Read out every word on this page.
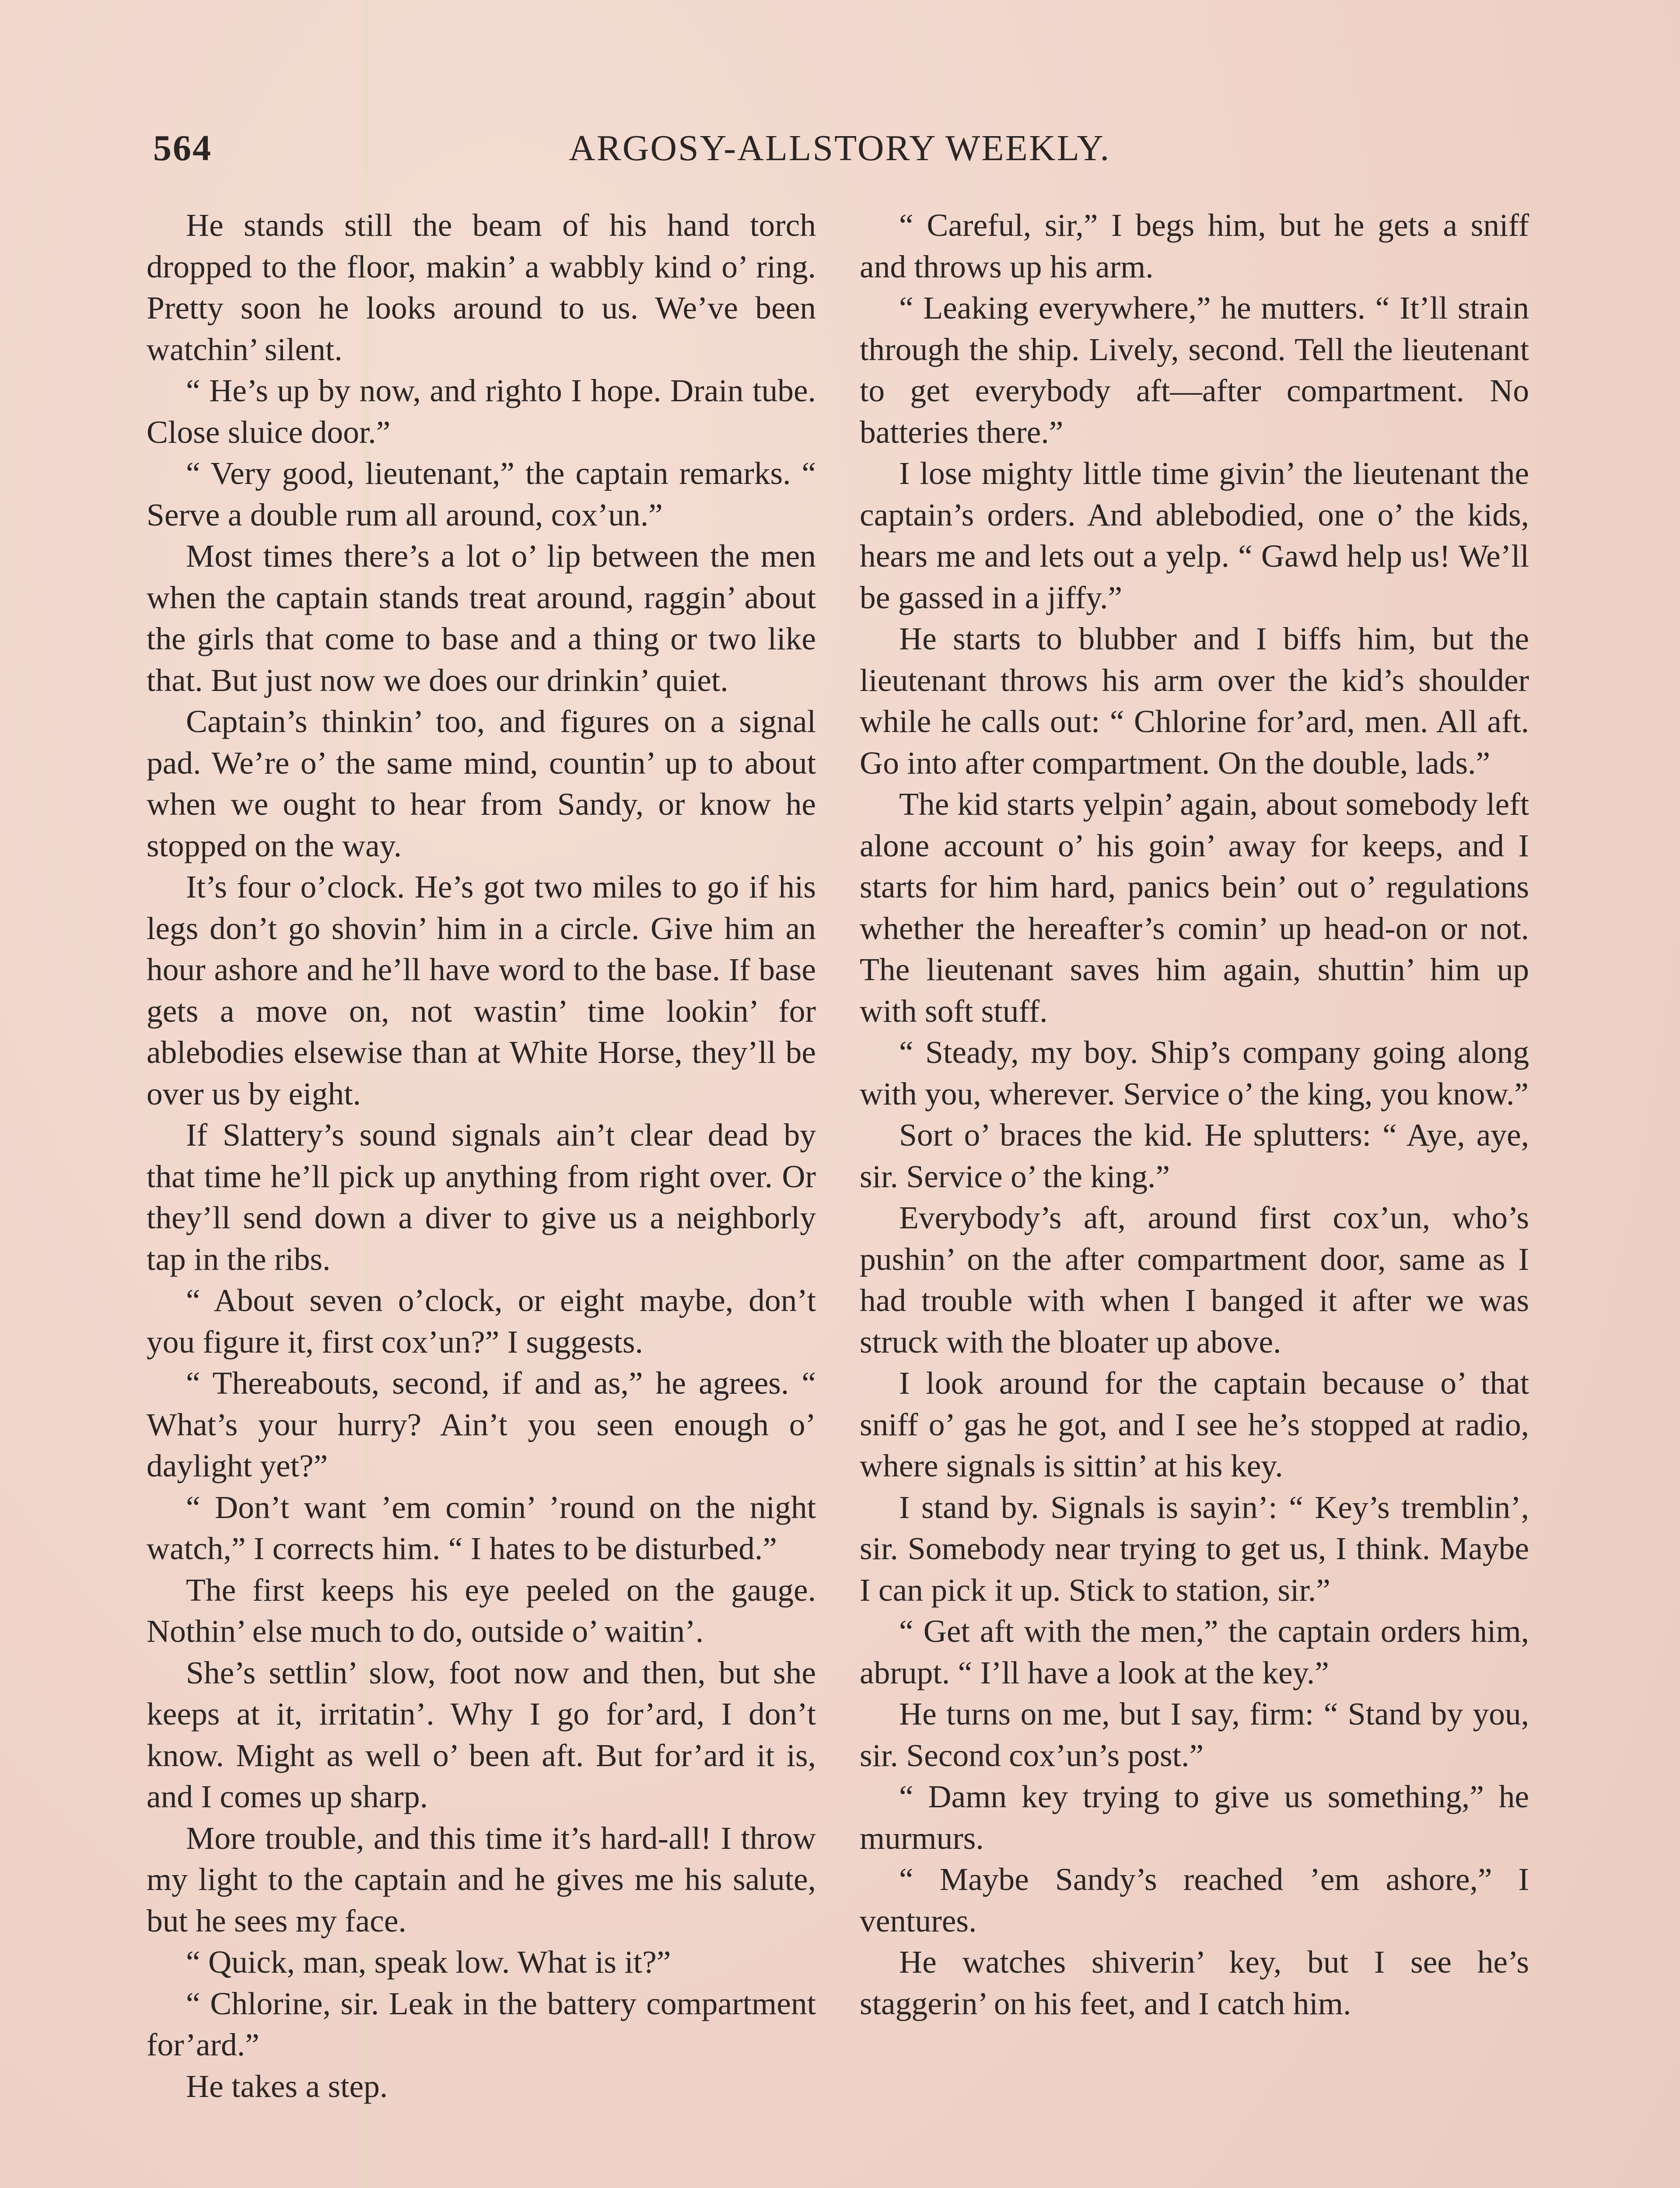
564	ARGOSY-ALLSTORY WEEKLY.

He stands still the beam of his hand torch dropped to the floor, makin’ a wabbly kind o’ ring. Pretty soon he looks around to us. We’ve been watchin’ silent.

“ He’s up by now, and righto I hope. Drain tube. Close sluice door.”

“ Very good, lieutenant,” the captain remarks. “ Serve a double rum all around, cox’un.”

Most times there’s a lot o’ lip between the men when the captain stands treat around, raggin’ about the girls that come to base and a thing or two like that. But just now we does our drinkin’ quiet.

Captain’s thinkin’ too, and figures on a signal pad. We’re o’ the same mind, countin’ up to about when we ought to hear from Sandy, or know he stopped on the way.

It’s four o’clock. He’s got two miles to go if his legs don’t go shovin’ him in a circle. Give him an hour ashore and he’ll have word to the base. If base gets a move on, not wastin’ time lookin’ for ablebodies elsewise than at White Horse, they’ll be over us by eight.

If Slattery’s sound signals ain’t clear dead by that time he’ll pick up anything from right over. Or they’ll send down a diver to give us a neighborly tap in the ribs.

“ About seven o’clock, or eight maybe, don’t you figure it, first cox’un?” I suggests.

“ Thereabouts, second, if and as,” he agrees. “ What’s your hurry? Ain’t you seen enough o’ daylight yet?”

“ Don’t want ’em comin’ ’round on the night watch,” I corrects him. “ I hates to be disturbed.”

The first keeps his eye peeled on the gauge. Nothin’ else much to do, outside o’ waitin’.

She’s settlin’ slow, foot now and then, but she keeps at it, irritatin’. Why I go for’ard, I don’t know. Might as well o’ been aft. But for’ard it is, and I comes up sharp.

More trouble, and this time it’s hard-all! I throw my light to the captain and he gives me his salute, but he sees my face.

“ Quick, man, speak low. What is it?”

“ Chlorine, sir. Leak in the battery compartment for’ard.”

He takes a step.

“ Careful, sir,” I begs him, but he gets a sniff and throws up his arm.

“ Leaking everywhere,” he mutters. “ It’ll strain through the ship. Lively, second. Tell the lieutenant to get everybody aft—after compartment. No batteries there.”

I lose mighty little time givin’ the lieutenant the captain’s orders. And ablebodied, one o’ the kids, hears me and lets out a yelp. “ Gawd help us! We’ll be gassed in a jiffy.”

He starts to blubber and I biffs him, but the lieutenant throws his arm over the kid’s shoulder while he calls out: “ Chlorine for’ard, men. All aft. Go into after compartment. On the double, lads.”

The kid starts yelpin’ again, about somebody left alone account o’ his goin’ away for keeps, and I starts for him hard, panics bein’ out o’ regulations whether the hereafter’s comin’ up head-on or not. The lieutenant saves him again, shuttin’ him up with soft stuff.

“ Steady, my boy. Ship’s company going along with you, wherever. Service o’ the king, you know.”

Sort o’ braces the kid. He splutters: “ Aye, aye, sir. Service o’ the king.”

Everybody’s aft, around first cox’un, who’s pushin’ on the after compartment door, same as I had trouble with when I banged it after we was struck with the bloater up above.

I look around for the captain because o’ that sniff o’ gas he got, and I see he’s stopped at radio, where signals is sittin’ at his key.

I stand by. Signals is sayin’: “ Key’s tremblin’, sir. Somebody near trying to get us, I think. Maybe I can pick it up. Stick to station, sir.”

“ Get aft with the men,” the captain orders him, abrupt. “ I’ll have a look at the key.”

He turns on me, but I say, firm: “ Stand by you, sir. Second cox’un’s post.”

“ Damn key trying to give us something,” he murmurs.

“ Maybe Sandy’s reached ’em ashore,” I ventures.

He watches shiverin’ key, but I see he’s staggerin’ on his feet, and I catch him.
